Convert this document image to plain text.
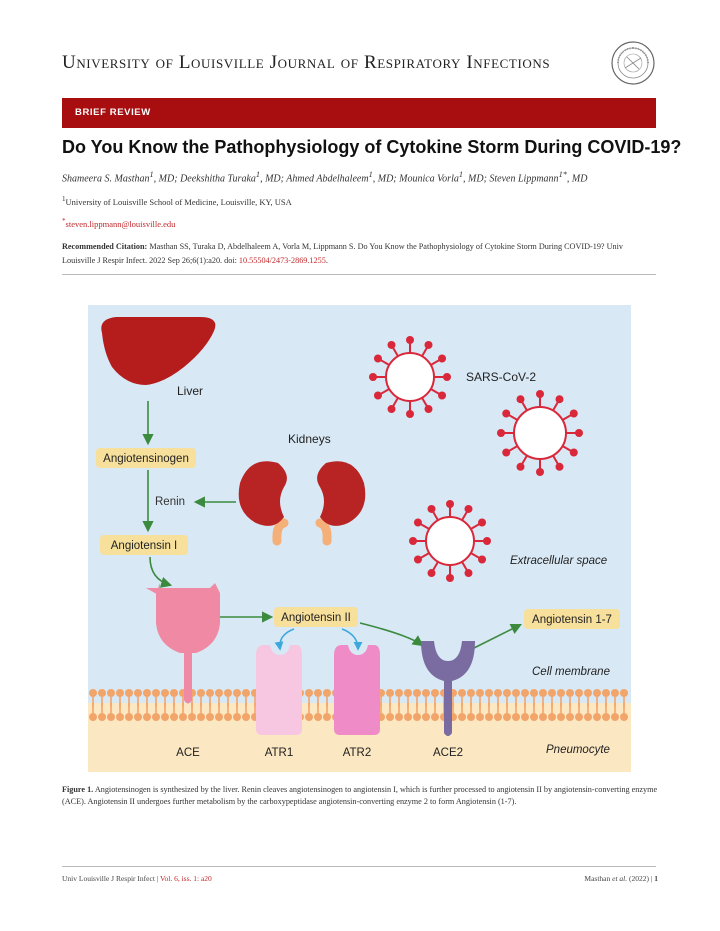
University of Louisville Journal of Respiratory Infections
BRIEF REVIEW
Do You Know the Pathophysiology of Cytokine Storm During COVID-19?
Shameera S. Masthan$^1$, MD; Deekshitha Turaka$^1$, MD; Ahmed Abdelhaleem$^1$, MD; Mounica Vorla$^1$, MD; Steven Lippmann$^{1*}$, MD
$^1$University of Louisville School of Medicine, Louisville, KY, USA
*steven.lippmann@louisville.edu
Recommended Citation: Masthan SS, Turaka D, Abdelhaleem A, Vorla M, Lippmann S. Do You Know the Pathophysiology of Cytokine Storm During COVID-19? Univ Louisville J Respir Infect. 2022 Sep 26;6(1):a20. doi: 10.55504/2473-2869.1255.
Liver
Angiotensinogen
Renin
Kidneys
Angiotensin I
SARS-CoV-2
Extracellular space
Angiotensin II	Angiotensin 1-7
Cell membrane
ACE	ATR1	ATR2	ACE2	Pneumocyte
Figure 1. Angiotensinogen is synthesized by the liver. Renin cleaves angiotensinogen to angiotensin I, which is further processed to angiotensin II by angiotensin-converting enzyme (ACE). Angiotensin II undergoes further metabolism by the carboxypeptidase angiotensin-converting enzyme 2 to form Angiotensin (1-7).
Univ Louisville J Respir Infect | Vol. 6, iss. 1: a20	Masthan et al. (2022) | 1
